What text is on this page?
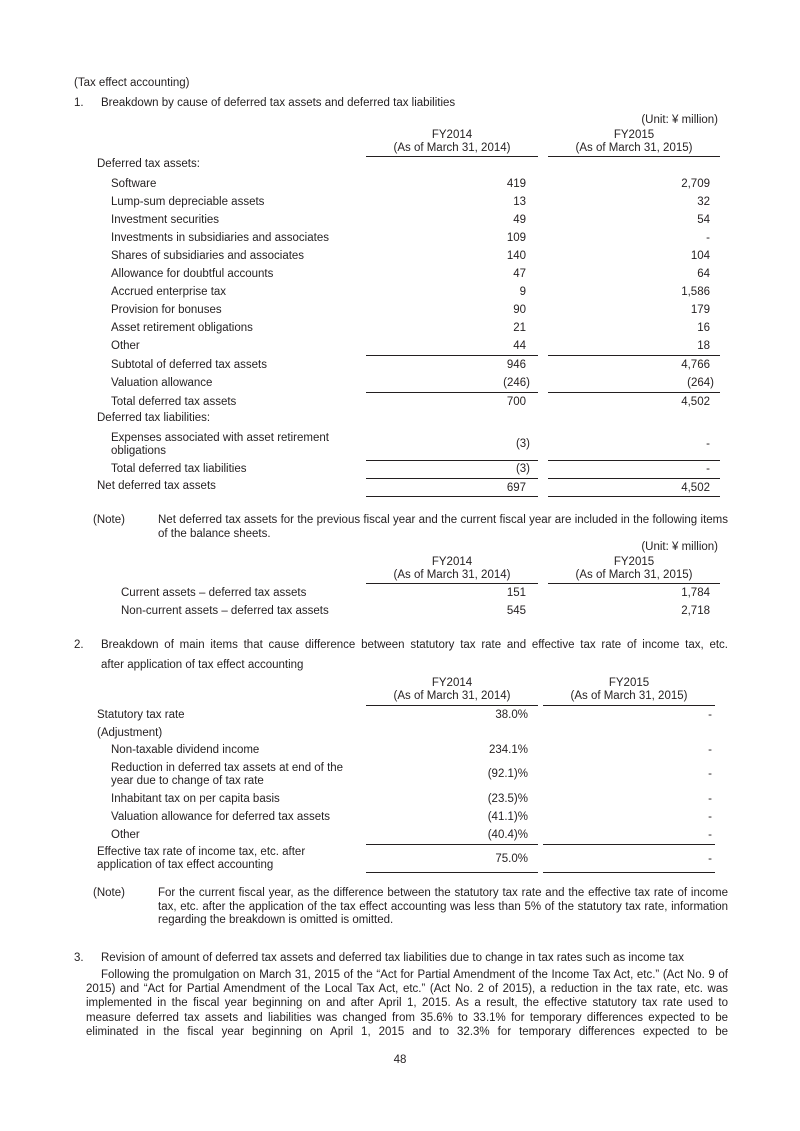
(Tax effect accounting)
1. Breakdown by cause of deferred tax assets and deferred tax liabilities
(Unit: ¥ million)
FY2014
(As of March 31, 2014)
FY2015
(As of March 31, 2015)
Deferred tax assets:
Software	419	2,709
Lump-sum depreciable assets	13	32
Investment securities	49	54
Investments in subsidiaries and associates	109	-
Shares of subsidiaries and associates	140	104
Allowance for doubtful accounts	47	64
Accrued enterprise tax	9	1,586
Provision for bonuses	90	179
Asset retirement obligations	21	16
Other	44	18
Subtotal of deferred tax assets	946	4,766
Valuation allowance	(246)	(264)
Total deferred tax assets	700	4,502
Deferred tax liabilities:
Expenses associated with asset retirement
obligations
(3)	-
Total deferred tax liabilities	(3)	-
Net deferred tax assets	697	4,502
(Note)	Net deferred tax assets for the previous fiscal year and the current fiscal year are included in the following items of the balance sheets.
(Unit: ¥ million)
FY2014
(As of March 31, 2014)
FY2015
(As of March 31, 2015)
Current assets – deferred tax assets	151	1,784
Non-current assets – deferred tax assets	545	2,718
2. Breakdown of main items that cause difference between statutory tax rate and effective tax rate of income tax, etc.
after application of tax effect accounting
FY2014
(As of March 31, 2014)
FY2015
(As of March 31, 2015)
Statutory tax rate	38.0%	-
(Adjustment)
Non-taxable dividend income	234.1%	-
Reduction in deferred tax assets at end of the
year due to change of tax rate
(92.1)%	-
Inhabitant tax on per capita basis	(23.5)%	-
Valuation allowance for deferred tax assets	(41.1)%	-
Other	(40.4)%	-
Effective tax rate of income tax, etc. after
application of tax effect accounting	75.0%	-
(Note)	For the current fiscal year, as the difference between the statutory tax rate and the effective tax rate of income tax, etc. after the application of the tax effect accounting was less than 5% of the statutory tax rate, information regarding the breakdown is omitted is omitted.
3. Revision of amount of deferred tax assets and deferred tax liabilities due to change in tax rates such as income tax
Following the promulgation on March 31, 2015 of the “Act for Partial Amendment of the Income Tax Act, etc.” (Act No. 9 of 2015) and “Act for Partial Amendment of the Local Tax Act, etc.” (Act No. 2 of 2015), a reduction in the tax rate, etc. was implemented in the fiscal year beginning on and after April 1, 2015. As a result, the effective statutory tax rate used to measure deferred tax assets and liabilities was changed from 35.6% to 33.1% for temporary differences expected to be eliminated in the fiscal year beginning on April 1, 2015 and to 32.3% for temporary differences expected to be
48
